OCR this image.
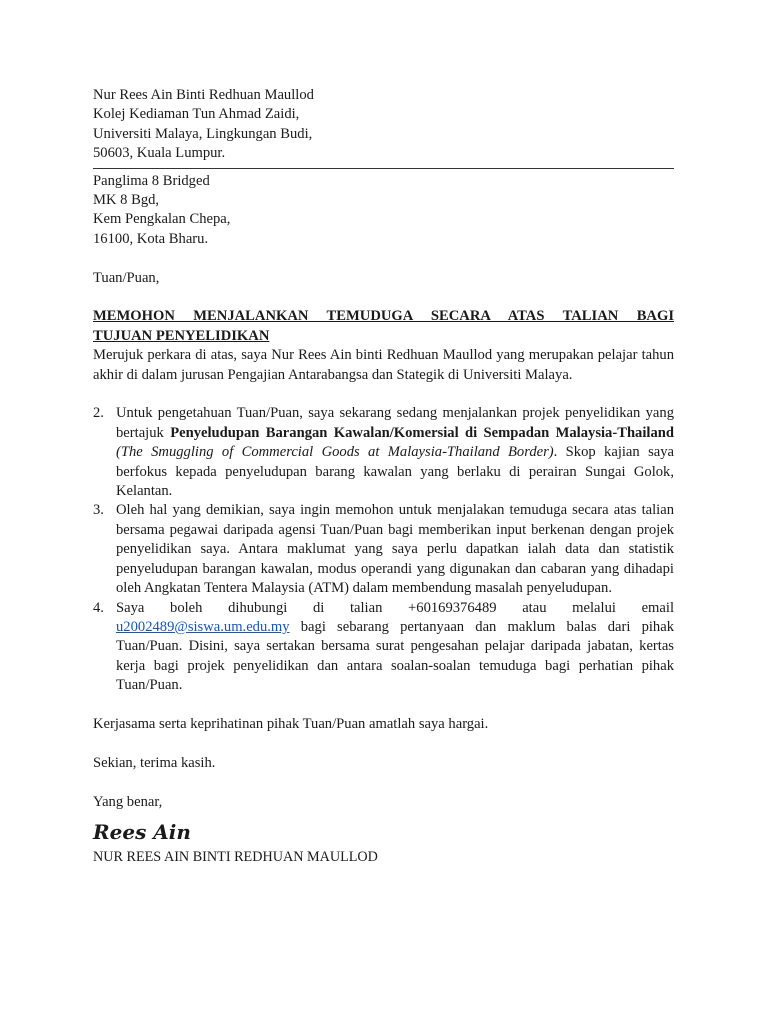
Nur Rees Ain Binti Redhuan Maullod
Kolej Kediaman Tun Ahmad Zaidi,
Universiti Malaya, Lingkungan Budi,
50603, Kuala Lumpur.
Panglima 8 Bridged
MK 8 Bgd,
Kem Pengkalan Chepa,
16100, Kota Bharu.
Tuan/Puan,
MEMOHON MENJALANKAN TEMUDUGA SECARA ATAS TALIAN BAGI
TUJUAN PENYELIDIKAN
Merujuk perkara di atas, saya Nur Rees Ain binti Redhuan Maullod yang merupakan pelajar tahun akhir di dalam jurusan Pengajian Antarabangsa dan Stategik di Universiti Malaya.
2. Untuk pengetahuan Tuan/Puan, saya sekarang sedang menjalankan projek penyelidikan yang bertajuk Penyeludupan Barangan Kawalan/Komersial di Sempadan Malaysia-Thailand (The Smuggling of Commercial Goods at Malaysia-Thailand Border). Skop kajian saya berfokus kepada penyeludupan barang kawalan yang berlaku di perairan Sungai Golok, Kelantan.
3. Oleh hal yang demikian, saya ingin memohon untuk menjalakan temuduga secara atas talian bersama pegawai daripada agensi Tuan/Puan bagi memberikan input berkenan dengan projek penyelidikan saya. Antara maklumat yang saya perlu dapatkan ialah data dan statistik penyeludupan barangan kawalan, modus operandi yang digunakan dan cabaran yang dihadapi oleh Angkatan Tentera Malaysia (ATM) dalam membendung masalah penyeludupan.
4. Saya boleh dihubungi di talian +60169376489 atau melalui email u2002489@siswa.um.edu.my bagi sebarang pertanyaan dan maklum balas dari pihak Tuan/Puan. Disini, saya sertakan bersama surat pengesahan pelajar daripada jabatan, kertas kerja bagi projek penyelidikan dan antara soalan-soalan temuduga bagi perhatian pihak Tuan/Puan.
Kerjasama serta keprihatinan pihak Tuan/Puan amatlah saya hargai.
Sekian, terima kasih.
Yang benar,
Rees Ain
NUR REES AIN BINTI REDHUAN MAULLOD
